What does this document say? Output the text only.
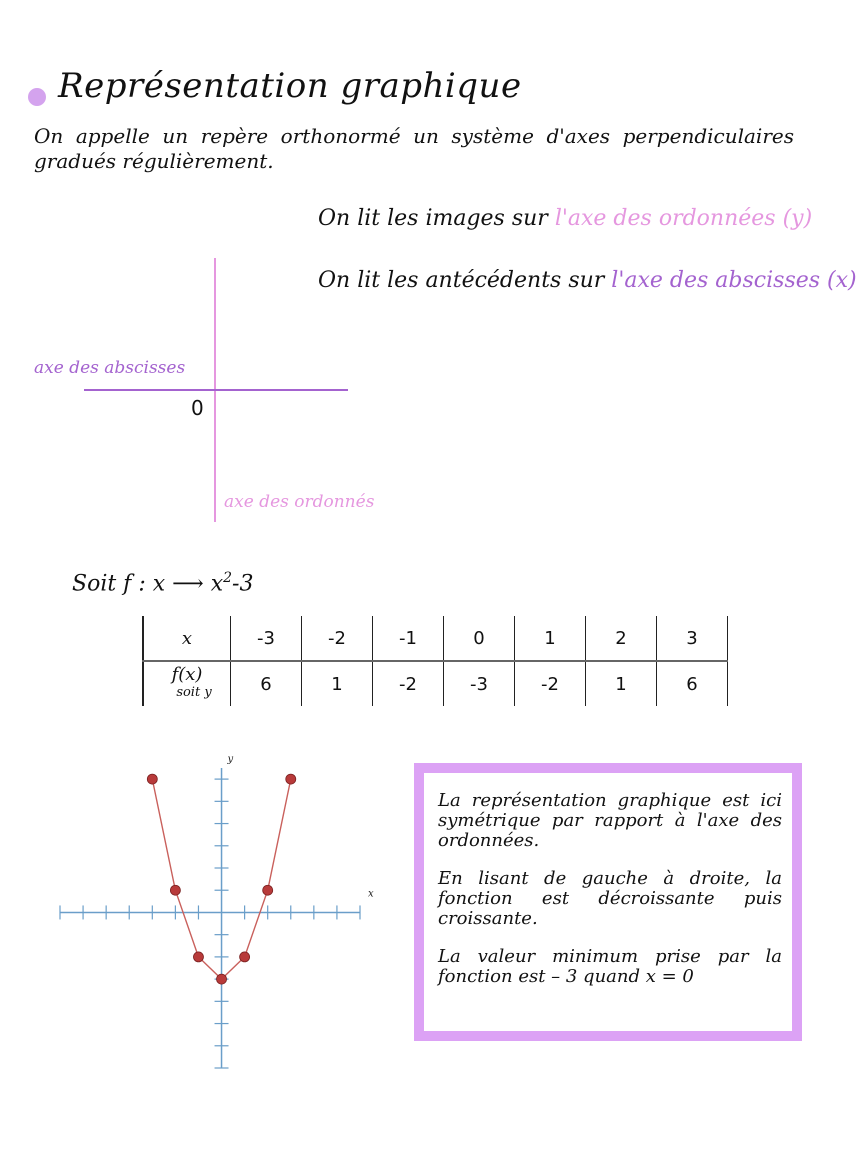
Représentation graphique
On appelle un repère orthonormé un système d'axes perpendiculaires gradués régulièrement.
On lit les images sur l'axe des ordonnées (y)
On lit les antécédents sur l'axe des abscisses (x)
axe des abscisses
0
axe des ordonnés
Soit f : x ⟶ $x^2-3$
x	-3	-2	-1	0	1	2	3
f(x)
soit y	6	1	-2	-3	-2	1	6
x
y

La représentation graphique est ici symétrique par rapport à l'axe des ordonnées.

En lisant de gauche à droite, la fonction est décroissante puis croissante.

La valeur minimum prise par la fonction est – 3 quand x = 0
